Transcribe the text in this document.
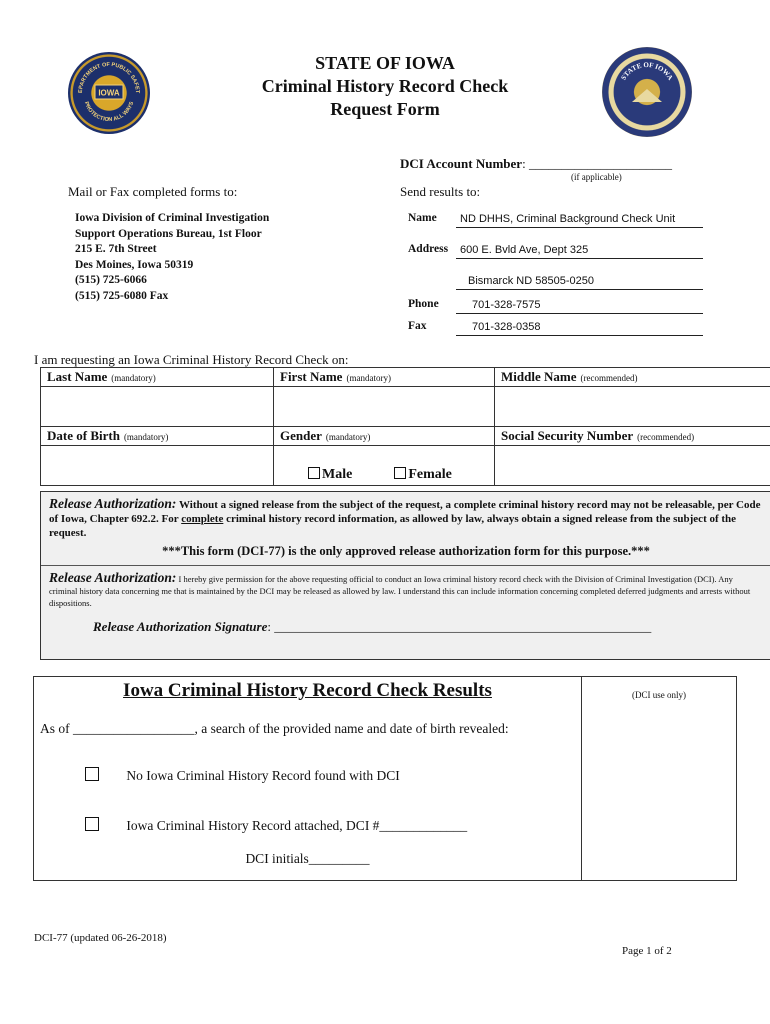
EPARTMENT OF PUBLIC SAFET
PROTECTION ALL WAYS
IOWA
STATE OF IOWA
STATE OF IOWA
Criminal History Record Check
Request Form
DCI Account Number: ______________________
(if applicable)
Mail or Fax completed forms to:
Iowa Division of Criminal Investigation
Support Operations Bureau, 1st Floor
215 E. 7th Street
Des Moines, Iowa 50319
(515) 725-6066
(515) 725-6080 Fax
Send results to:
Name	ND DHHS, Criminal Background Check Unit
Address	600 E. Bvld Ave, Dept 325
Bismarck ND 58505-0250
Phone	701-328-7575
Fax	701-328-0358
I am requesting an Iowa Criminal History Record Check on:
Last Name (mandatory)	First Name (mandatory)	Middle Name (recommended)

Date of Birth (mandatory)	Gender (mandatory)	Social Security Number (recommended)
	Male Female	
Release Authorization: Without a signed release from the subject of the request, a complete criminal history record may not be releasable, per Code of Iowa, Chapter 692.2. For complete criminal history record information, as allowed by law, always obtain a signed release from the subject of the request.
***This form (DCI-77) is the only approved release authorization form for this purpose.***
Release Authorization: I hereby give permission for the above requesting official to conduct an Iowa criminal history record check with the Division of Criminal Investigation (DCI). Any criminal history data concerning me that is maintained by the DCI may be released as allowed by law. I understand this can include information concerning completed deferred judgments and arrests without dispositions.
Release Authorization Signature: __________________________________________________________
Iowa Criminal History Record Check Results	(DCI use only)
As of __________________, a search of the provided name and date of birth revealed:
No Iowa Criminal History Record found with DCI
Iowa Criminal History Record attached, DCI #_____________
DCI initials_________
DCI-77 (updated 06-26-2018)
Page 1 of 2
